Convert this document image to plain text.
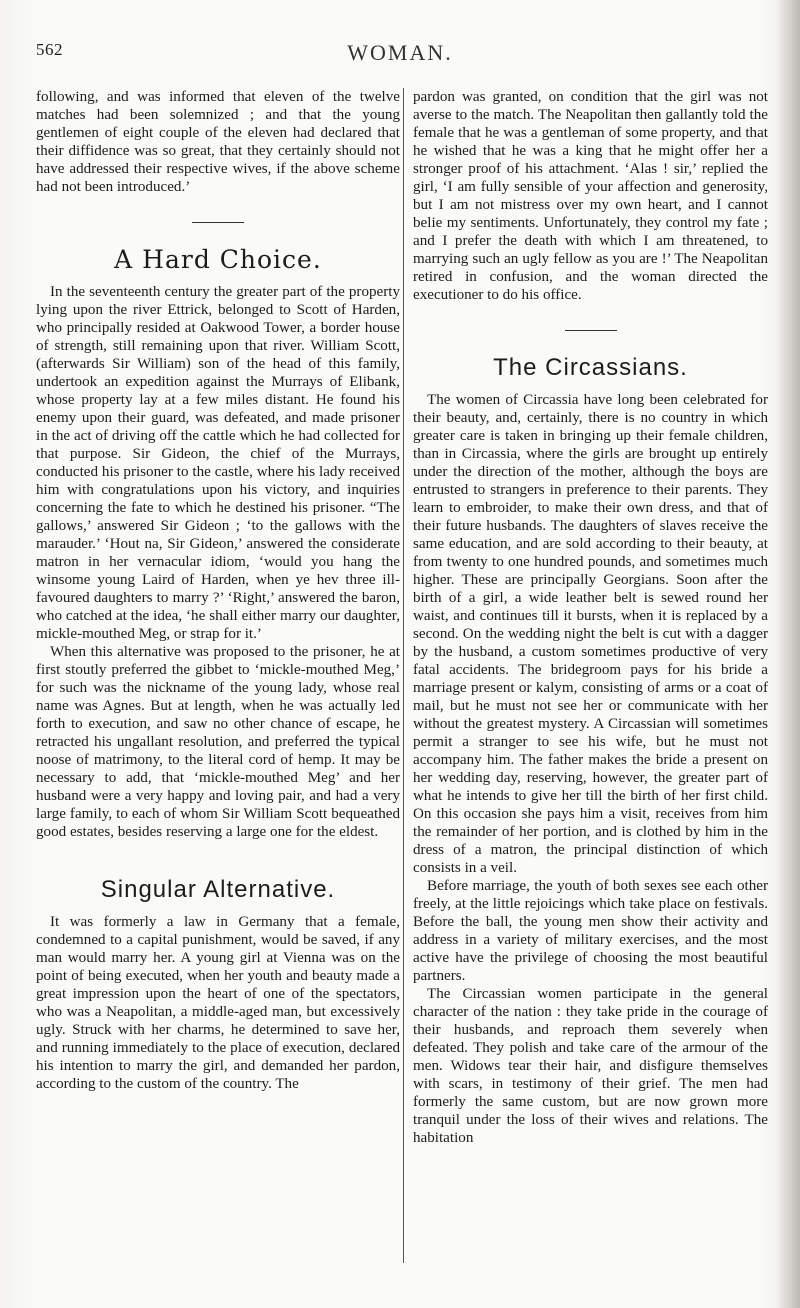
562	WOMAN.

following, and was informed that eleven of the twelve matches had been solemnized ; and that the young gentlemen of eight couple of the eleven had declared that their diffidence was so great, that they certainly should not have addressed their respective wives, if the above scheme had not been introduced.’

A Hard Choice.

In the seventeenth century the greater part of the property lying upon the river Ettrick, belonged to Scott of Harden, who principally resided at Oakwood Tower, a border house of strength, still remaining upon that river. William Scott, (afterwards Sir William) son of the head of this family, undertook an expedition against the Murrays of Elibank, whose property lay at a few miles distant. He found his enemy upon their guard, was defeated, and made prisoner in the act of driving off the cattle which he had collected for that purpose. Sir Gideon, the chief of the Murrays, conducted his prisoner to the castle, where his lady received him with congratulations upon his victory, and inquiries concerning the fate to which he destined his prisoner. “The gallows,’ answered Sir Gideon ; ‘to the gallows with the marauder.’ ‘Hout na, Sir Gideon,’ answered the considerate matron in her vernacular idiom, ‘would you hang the winsome young Laird of Harden, when ye hev three ill-favoured daughters to marry ?’ ‘Right,’ answered the baron, who catched at the idea, ‘he shall either marry our daughter, mickle-mouthed Meg, or strap for it.’

When this alternative was proposed to the prisoner, he at first stoutly preferred the gibbet to ‘mickle-mouthed Meg,’ for such was the nickname of the young lady, whose real name was Agnes. But at length, when he was actually led forth to execution, and saw no other chance of escape, he retracted his ungallant resolution, and preferred the typical noose of matrimony, to the literal cord of hemp. It may be necessary to add, that ‘mickle-mouthed Meg’ and her husband were a very happy and loving pair, and had a very large family, to each of whom Sir William Scott bequeathed good estates, besides reserving a large one for the eldest.

Singular Alternative.

It was formerly a law in Germany that a female, condemned to a capital punishment, would be saved, if any man would marry her. A young girl at Vienna was on the point of being executed, when her youth and beauty made a great impression upon the heart of one of the spectators, who was a Neapolitan, a middle-aged man, but excessively ugly. Struck with her charms, he determined to save her, and running immediately to the place of execution, declared his intention to marry the girl, and demanded her pardon, according to the custom of the country. The

pardon was granted, on condition that the girl was not averse to the match. The Neapolitan then gallantly told the female that he was a gentleman of some property, and that he wished that he was a king that he might offer her a stronger proof of his attachment. ‘Alas ! sir,’ replied the girl, ‘I am fully sensible of your affection and generosity, but I am not mistress over my own heart, and I cannot belie my sentiments. Unfortunately, they control my fate ; and I prefer the death with which I am threatened, to marrying such an ugly fellow as you are !’ The Neapolitan retired in confusion, and the woman directed the executioner to do his office.

The Circassians.

The women of Circassia have long been celebrated for their beauty, and, certainly, there is no country in which greater care is taken in bringing up their female children, than in Circassia, where the girls are brought up entirely under the direction of the mother, although the boys are entrusted to strangers in preference to their parents. They learn to embroider, to make their own dress, and that of their future husbands. The daughters of slaves receive the same education, and are sold according to their beauty, at from twenty to one hundred pounds, and sometimes much higher. These are principally Georgians. Soon after the birth of a girl, a wide leather belt is sewed round her waist, and continues till it bursts, when it is replaced by a second. On the wedding night the belt is cut with a dagger by the husband, a custom sometimes productive of very fatal accidents. The bridegroom pays for his bride a marriage present or kalym, consisting of arms or a coat of mail, but he must not see her or communicate with her without the greatest mystery. A Circassian will sometimes permit a stranger to see his wife, but he must not accompany him. The father makes the bride a present on her wedding day, reserving, however, the greater part of what he intends to give her till the birth of her first child. On this occasion she pays him a visit, receives from him the remainder of her portion, and is clothed by him in the dress of a matron, the principal distinction of which consists in a veil.

Before marriage, the youth of both sexes see each other freely, at the little rejoicings which take place on festivals. Before the ball, the young men show their activity and address in a variety of military exercises, and the most active have the privilege of choosing the most beautiful partners.

The Circassian women participate in the general character of the nation : they take pride in the courage of their husbands, and reproach them severely when defeated. They polish and take care of the armour of the men. Widows tear their hair, and disfigure themselves with scars, in testimony of their grief. The men had formerly the same custom, but are now grown more tranquil under the loss of their wives and relations. The habitation
